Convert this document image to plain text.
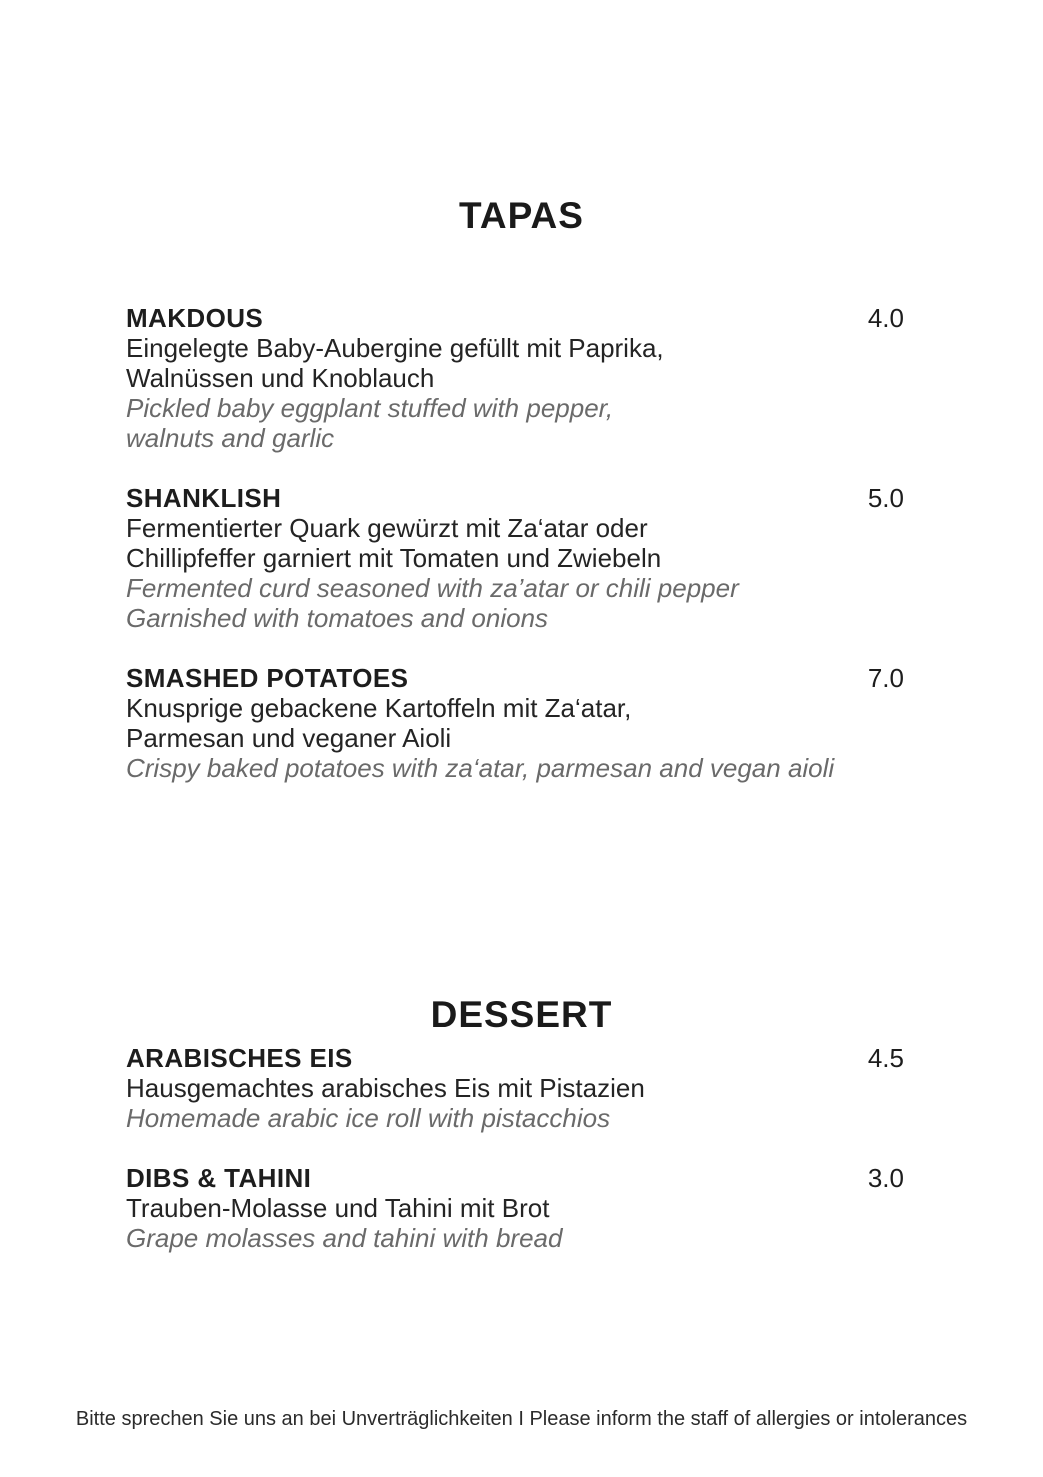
TAPAS
MAKDOUS	4.0
Eingelegte Baby-Aubergine gefüllt mit Paprika,
Walnüssen und Knoblauch
Pickled baby eggplant stuffed with pepper,
walnuts and garlic
SHANKLISH	5.0
Fermentierter Quark gewürzt mit Za‘atar oder
Chillipfeffer garniert mit Tomaten und Zwiebeln
Fermented curd seasoned with za’atar or chili pepper
Garnished with tomatoes and onions
SMASHED POTATOES	7.0
Knusprige gebackene Kartoffeln mit Za‘atar,
Parmesan und veganer Aioli
Crispy baked potatoes with za‘atar, parmesan and vegan aioli
DESSERT
ARABISCHES EIS	4.5
Hausgemachtes arabisches Eis mit Pistazien
Homemade arabic ice roll with pistacchios
DIBS & TAHINI	3.0
Trauben-Molasse und Tahini mit Brot
Grape molasses and tahini with bread
Bitte sprechen Sie uns an bei Unverträglichkeiten I Please inform the staff of allergies or intolerances
